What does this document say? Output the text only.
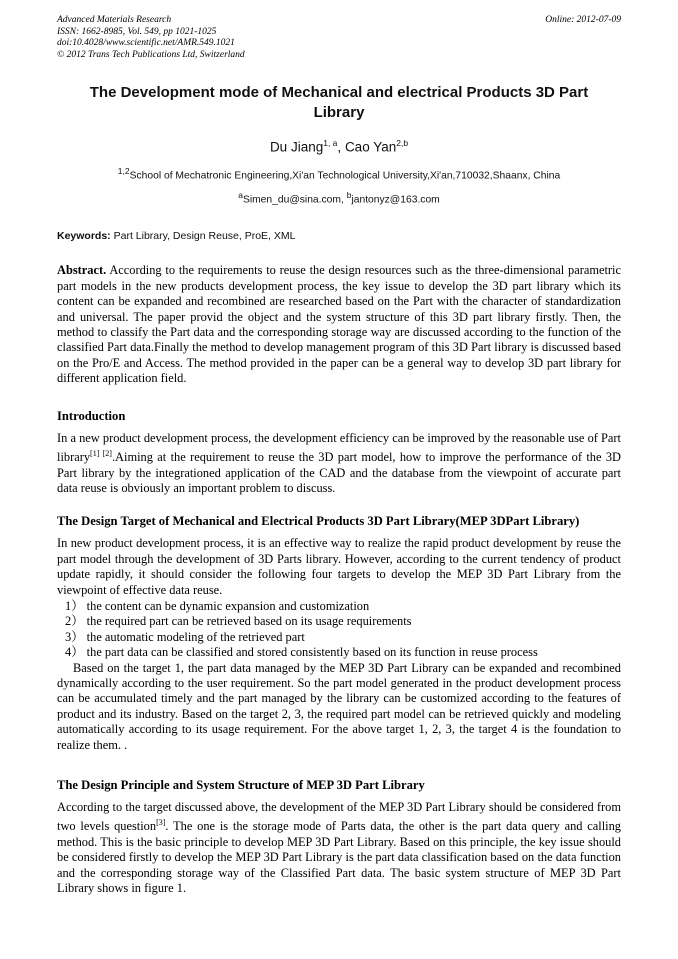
Advanced Materials Research
ISSN: 1662-8985, Vol. 549, pp 1021-1025
doi:10.4028/www.scientific.net/AMR.549.1021
© 2012 Trans Tech Publications Ltd, Switzerland
Online: 2012-07-09
The Development mode of Mechanical and electrical Products 3D Part Library
Du Jiang$^{1, a}$, Cao Yan$^{2,b}$
$^{1,2}$School of Mechatronic Engineering,Xi'an Technological University,Xi'an,710032,Shaanx, China
$^a$Simen_du@sina.com, $^b$jantonyz@163.com
Keywords: Part Library, Design Reuse, ProE, XML

Abstract. According to the requirements to reuse the design resources such as the three-dimensional parametric part models in the new products development process, the key issue to develop the 3D part library which its content can be expanded and recombined are researched based on the Part with the character of standardization and universal. The paper provid the object and the system structure of this 3D part library firstly. Then, the method to classify the Part data and the corresponding storage way are discussed according to the function of the classified Part data.Finally the method to develop management program of this 3D Part library is discussed based on the Pro/E and Access. The method provided in the paper can be a general way to develop 3D part library for different application field.

Introduction

In a new product development process, the development efficiency can be improved by the reasonable use of Part library[1] [2].Aiming at the requirement to reuse the 3D part model, how to improve the performance of the 3D Part library by the integrationed application of the CAD and the database from the viewpoint of accurate part data reuse is obviously an important problem to discuss.

The Design Target of Mechanical and Electrical Products 3D Part Library(MEP 3DPart Library)

In new product development process, it is an effective way to realize the rapid product development by reuse the part model through the development of 3D Parts library. However, according to the current tendency of product update rapidly, it should consider the following four targets to develop the MEP 3D Part Library from the viewpoint of effective data reuse.

1） the content can be dynamic expansion and customization
2） the required part can be retrieved based on its usage requirements
3） the automatic modeling of the retrieved part
4） the part data can be classified and stored consistently based on its function in reuse process

Based on the target 1, the part data managed by the MEP 3D Part Library can be expanded and recombined dynamically according to the user requirement. So the part model generated in the product development process can be accumulated timely and the part managed by the library can be customized according to the features of product and its industry. Based on the target 2, 3, the required part model can be retrieved quickly and modeling automatically according to its usage requirement. For the above target 1, 2, 3, the target 4 is the foundation to realize them. .

The Design Principle and System Structure of MEP 3D Part Library

According to the target discussed above, the development of the MEP 3D Part Library should be considered from two levels question[3]. The one is the storage mode of Parts data, the other is the part data query and calling method. This is the basic principle to develop MEP 3D Part Library. Based on this principle, the key issue should be considered firstly to develop the MEP 3D Part Library is the part data classification based on the data function and the corresponding storage way of the Classified Part data. The basic system structure of MEP 3D Part Library shows in figure 1.
